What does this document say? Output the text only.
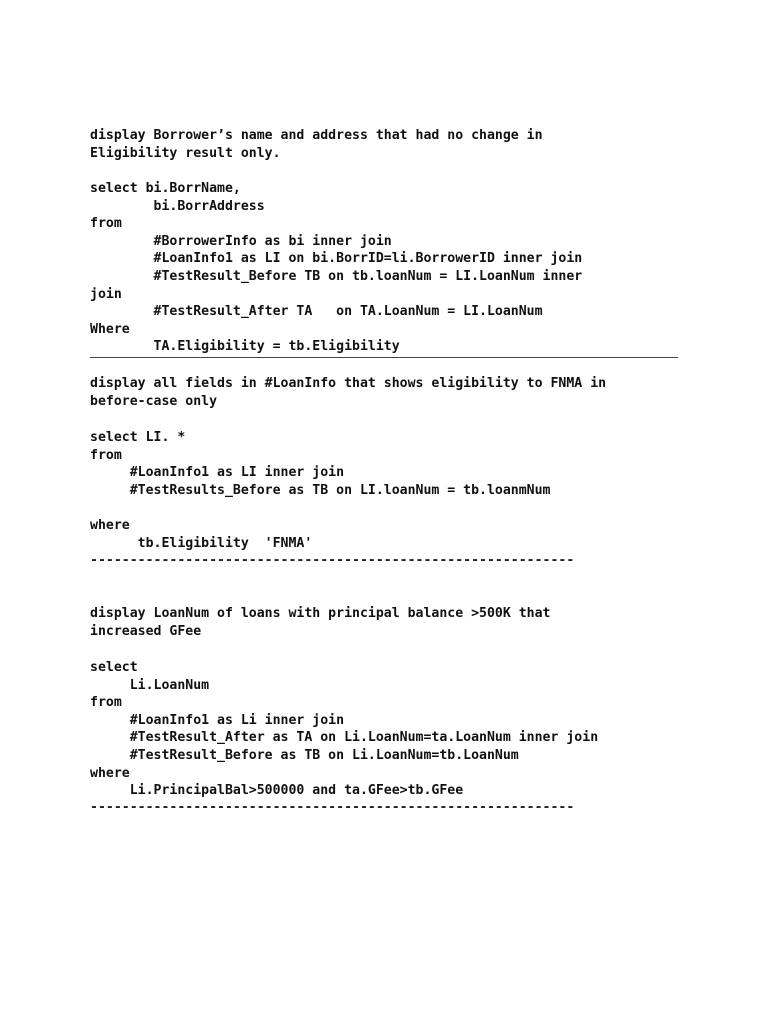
display Borrower’s name and address that had no change in
Eligibility result only.
select bi.BorrName,
bi.BorrAddress
from
#BorrowerInfo as bi inner join
#LoanInfo1 as LI on bi.BorrID=li.BorrowerID inner join
#TestResult_Before TB on tb.loanNum = LI.LoanNum inner
join
#TestResult_After TA   on TA.LoanNum = LI.LoanNum
Where
TA.Eligibility = tb.Eligibility
display all fields in #LoanInfo that shows eligibility to FNMA in
before-case only
select LI. *
from
#LoanInfo1 as LI inner join
#TestResults_Before as TB on LI.loanNum = tb.loanmNum

where
tb.Eligibility  'FNMA'
-------------------------------------------------------------
display LoanNum of loans with principal balance >500K that
increased GFee
select
Li.LoanNum
from
#LoanInfo1 as Li inner join
#TestResult_After as TA on Li.LoanNum=ta.LoanNum inner join
#TestResult_Before as TB on Li.LoanNum=tb.LoanNum
where
Li.PrincipalBal>500000 and ta.GFee>tb.GFee
-------------------------------------------------------------
